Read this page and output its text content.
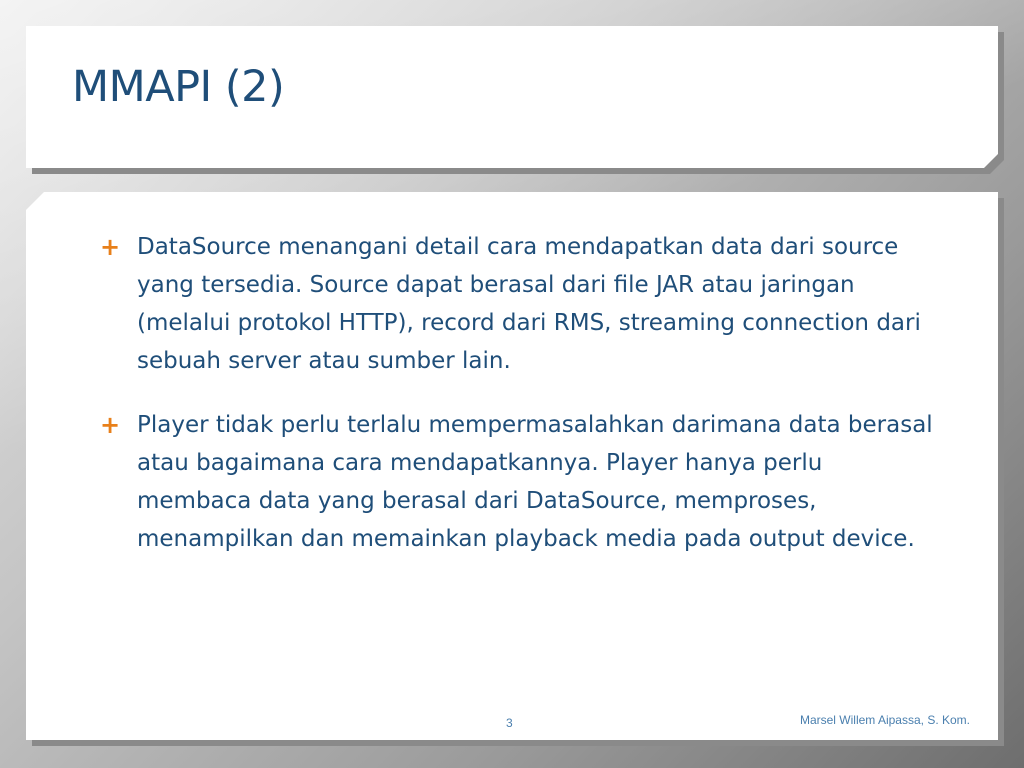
MMAPI (2)
+ DataSource menangani detail cara mendapatkan data dari source yang tersedia. Source dapat berasal dari file JAR atau jaringan (melalui protokol HTTP), record dari RMS, streaming connection dari sebuah server atau sumber lain.
+ Player tidak perlu terlalu mempermasalahkan darimana data berasal atau bagaimana cara mendapatkannya. Player hanya perlu membaca data yang berasal dari DataSource, memproses, menampilkan dan memainkan playback media pada output device.
3	Marsel Willem Aipassa, S. Kom.
